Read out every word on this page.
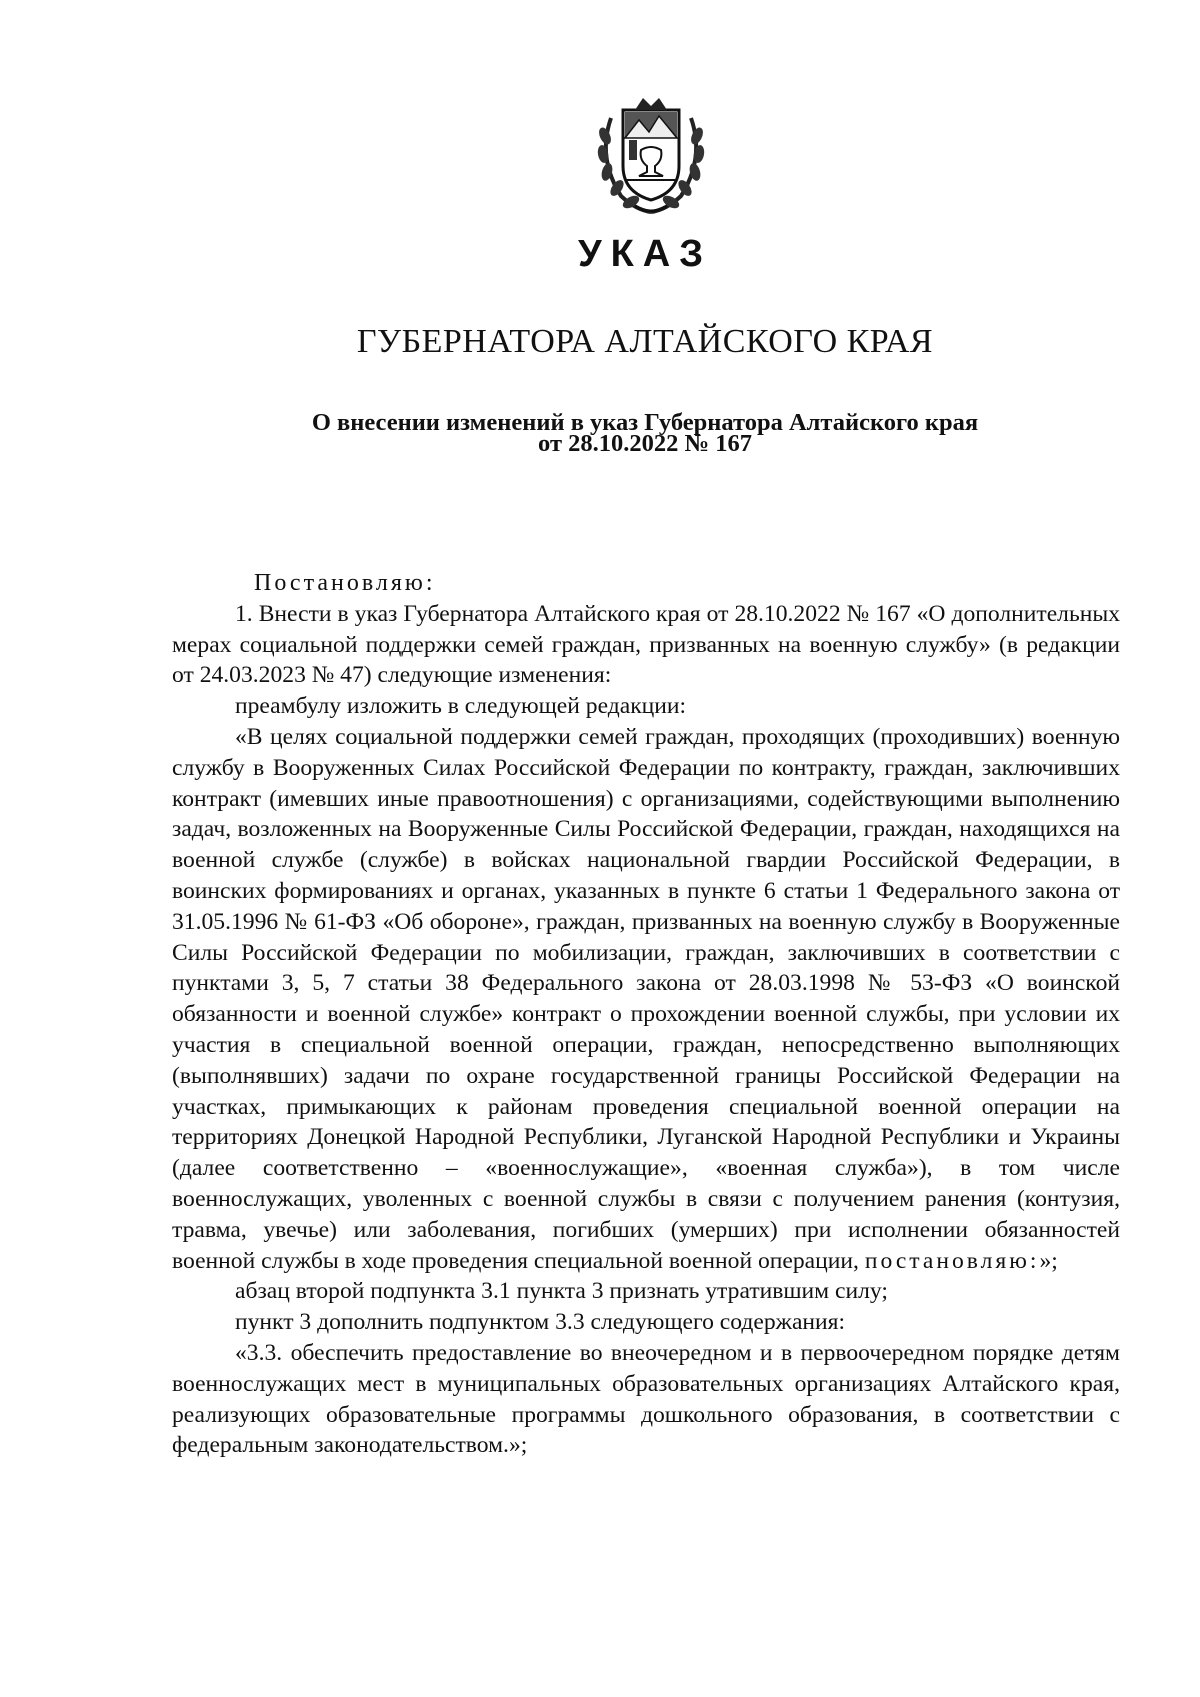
УКАЗ
ГУБЕРНАТОРА АЛТАЙСКОГО КРАЯ
О внесении изменений в указ Губернатора Алтайского края
от 28.10.2022 № 167

Постановляю:

1. Внести в указ Губернатора Алтайского края от 28.10.2022 № 167 «О дополнительных мерах социальной поддержки семей граждан, призванных на военную службу» (в редакции от 24.03.2023 № 47) следующие изменения:

преамбулу изложить в следующей редакции:

«В целях социальной поддержки семей граждан, проходящих (проходивших) военную службу в Вооруженных Силах Российской Федерации по контракту, граждан, заключивших контракт (имевших иные правоотношения) с организациями, содействующими выполнению задач, возложенных на Вооруженные Силы Российской Федерации, граждан, находящихся на военной службе (службе) в войсках национальной гвардии Российской Федерации, в воинских формированиях и органах, указанных в пункте 6 статьи 1 Федерального закона от 31.05.1996 № 61-ФЗ «Об обороне», граждан, призванных на военную службу в Вооруженные Силы Российской Федерации по мобилизации, граждан, заключивших в соответствии с пунктами 3, 5, 7 статьи 38 Федерального закона от 28.03.1998 № 53-ФЗ «О воинской обязанности и военной службе» контракт о прохождении военной службы, при условии их участия в специальной военной операции, граждан, непосредственно выполняющих (выполнявших) задачи по охране государственной границы Российской Федерации на участках, примыкающих к районам проведения специальной военной операции на территориях Донецкой Народной Республики, Луганской Народной Республики и Украины (далее соответственно – «военнослужащие», «военная служба»), в том числе военнослужащих, уволенных с военной службы в связи с получением ранения (контузия, травма, увечье) или заболевания, погибших (умерших) при исполнении обязанностей военной службы в ходе проведения специальной военной операции, постановляю:»;

абзац второй подпункта 3.1 пункта 3 признать утратившим силу;

пункт 3 дополнить подпунктом 3.3 следующего содержания:

«3.3. обеспечить предоставление во внеочередном и в первоочередном порядке детям военнослужащих мест в муниципальных образовательных организациях Алтайского края, реализующих образовательные программы дошкольного образования, в соответствии с федеральным законодательством.»;
